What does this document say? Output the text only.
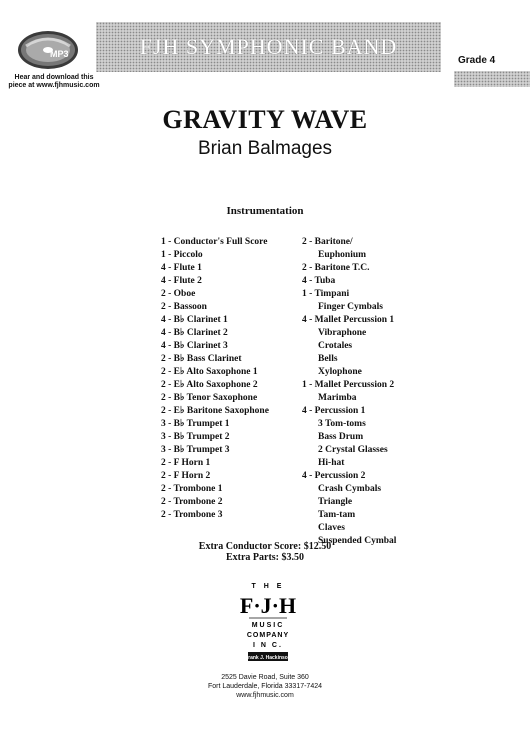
MP3
Hear and download this
piece at www.fjhmusic.com
FJH SYMPHONIC BAND
Grade 4
GRAVITY WAVE
Brian Balmages
Instrumentation
1 - Conductor's Full Score
1 - Piccolo
4 - Flute 1
4 - Flute 2
2 - Oboe
2 - Bassoon
4 - B♭ Clarinet 1
4 - B♭ Clarinet 2
4 - B♭ Clarinet 3
2 - B♭ Bass Clarinet
2 - E♭ Alto Saxophone 1
2 - E♭ Alto Saxophone 2
2 - B♭ Tenor Saxophone
2 - E♭ Baritone Saxophone
3 - B♭ Trumpet 1
3 - B♭ Trumpet 2
3 - B♭ Trumpet 3
2 - F Horn 1
2 - F Horn 2
2 - Trombone 1
2 - Trombone 2
2 - Trombone 3
2 - Baritone/
Euphonium
2 - Baritone T.C.
4 - Tuba
1 - Timpani
Finger Cymbals
4 - Mallet Percussion 1
Vibraphone
Crotales
Bells
Xylophone
1 - Mallet Percussion 2
Marimba
4 - Percussion 1
3 Tom-toms
Bass Drum
2 Crystal Glasses
Hi-hat
4 - Percussion 2
Crash Cymbals
Triangle
Tam-tam
Claves
Suspended Cymbal
Extra Conductor Score: $12.50
Extra Parts: $3.50
T H E
F·J·H
MUSIC
COMPANY
I N C.
Frank J. Hackinson
2525 Davie Road, Suite 360
Fort Lauderdale, Florida 33317-7424
www.fjhmusic.com
